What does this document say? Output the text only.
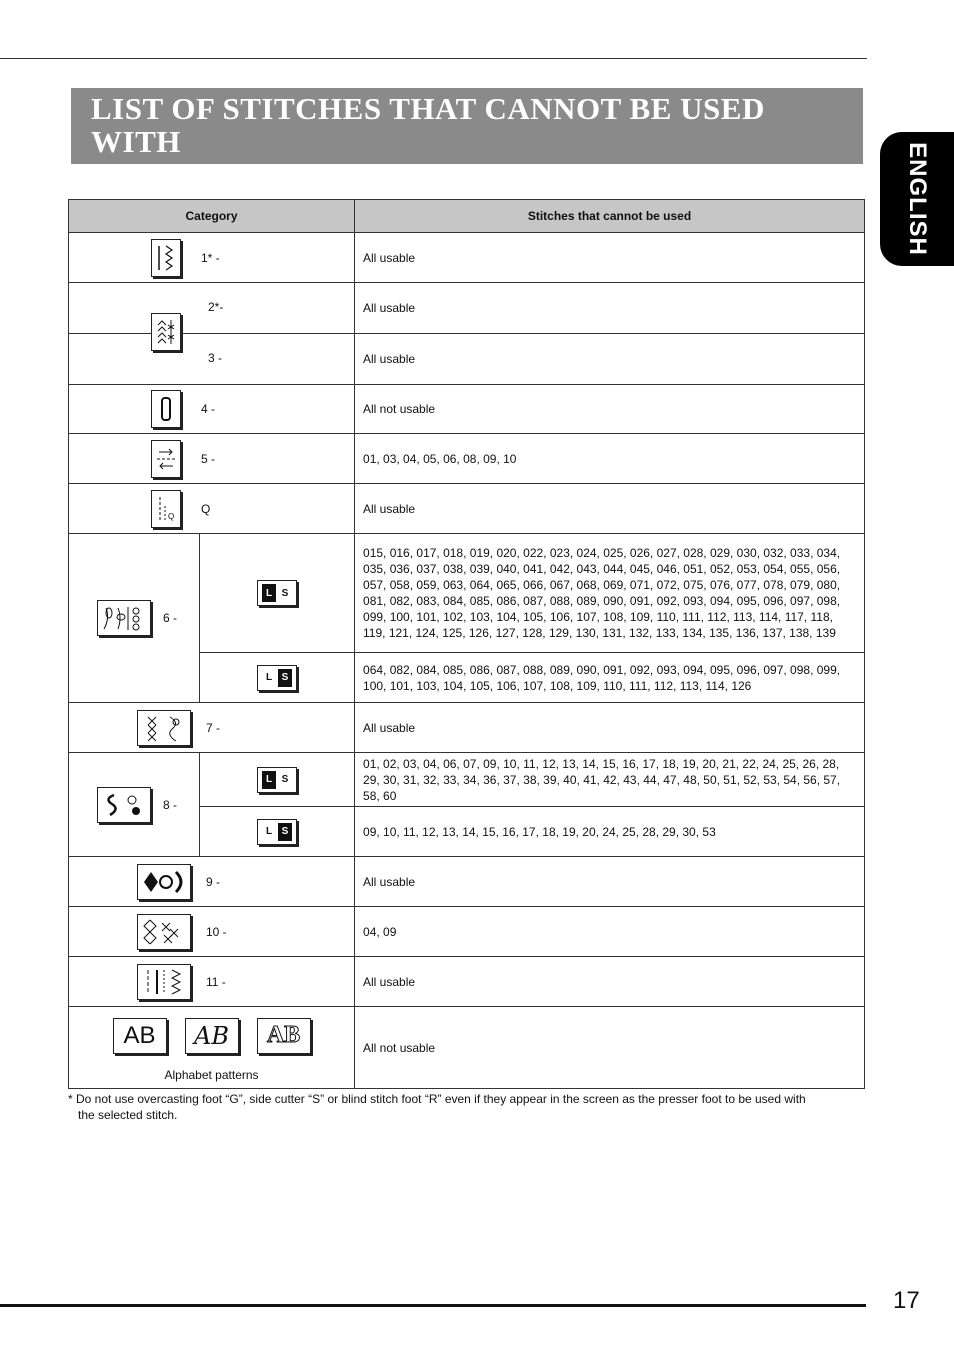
LIST OF STITCHES THAT CANNOT BE USED WITH
THE CIRCULAR ATTACHMENT	ENGLISH
Category		Stitches that cannot be used

1* -		All usable

2*-		All usable

3 -		All usable

4 -		All not usable

5 -		01, 03, 04, 05, 06, 08, 09, 10

Q
Q		All usable

6 -	L S	015, 016, 017, 018, 019, 020, 022, 023, 024, 025, 026, 027, 028, 029, 030, 032, 033, 034, 035, 036, 037, 038, 039, 040, 041, 042, 043, 044, 045, 046, 051, 052, 053, 054, 055, 056, 057, 058, 059, 063, 064, 065, 066, 067, 068, 069, 071, 072, 075, 076, 077, 078, 079, 080, 081, 082, 083, 084, 085, 086, 087, 088, 089, 090, 091, 092, 093, 094, 095, 096, 097, 098, 099, 100, 101, 102, 103, 104, 105, 106, 107, 108, 109, 110, 111, 112, 113, 114, 117, 118, 119, 121, 124, 125, 126, 127, 128, 129, 130, 131, 132, 133, 134, 135, 136, 137, 138, 139

L S	064, 082, 084, 085, 086, 087, 088, 089, 090, 091, 092, 093, 094, 095, 096, 097, 098, 099, 100, 101, 103, 104, 105, 106, 107, 108, 109, 110, 111, 112, 113, 114, 126

7 -		All usable

8 -	L S	01, 02, 03, 04, 06, 07, 09, 10, 11, 12, 13, 14, 15, 16, 17, 18, 19, 20, 21, 22, 24, 25, 26, 28, 29, 30, 31, 32, 33, 34, 36, 37, 38, 39, 40, 41, 42, 43, 44, 47, 48, 50, 51, 52, 53, 54, 56, 57, 58, 60

L S	09, 10, 11, 12, 13, 14, 15, 16, 17, 18, 19, 20, 24, 25, 28, 29, 30, 53

9 -		All usable

10 -		04, 09

11 -		All usable

AB AB AB
Alphabet patterns		All not usable
* Do not use overcasting foot “G”, side cutter “S” or blind stitch foot “R” even if they appear in the screen as the presser foot to be used with
the selected stitch.
17
